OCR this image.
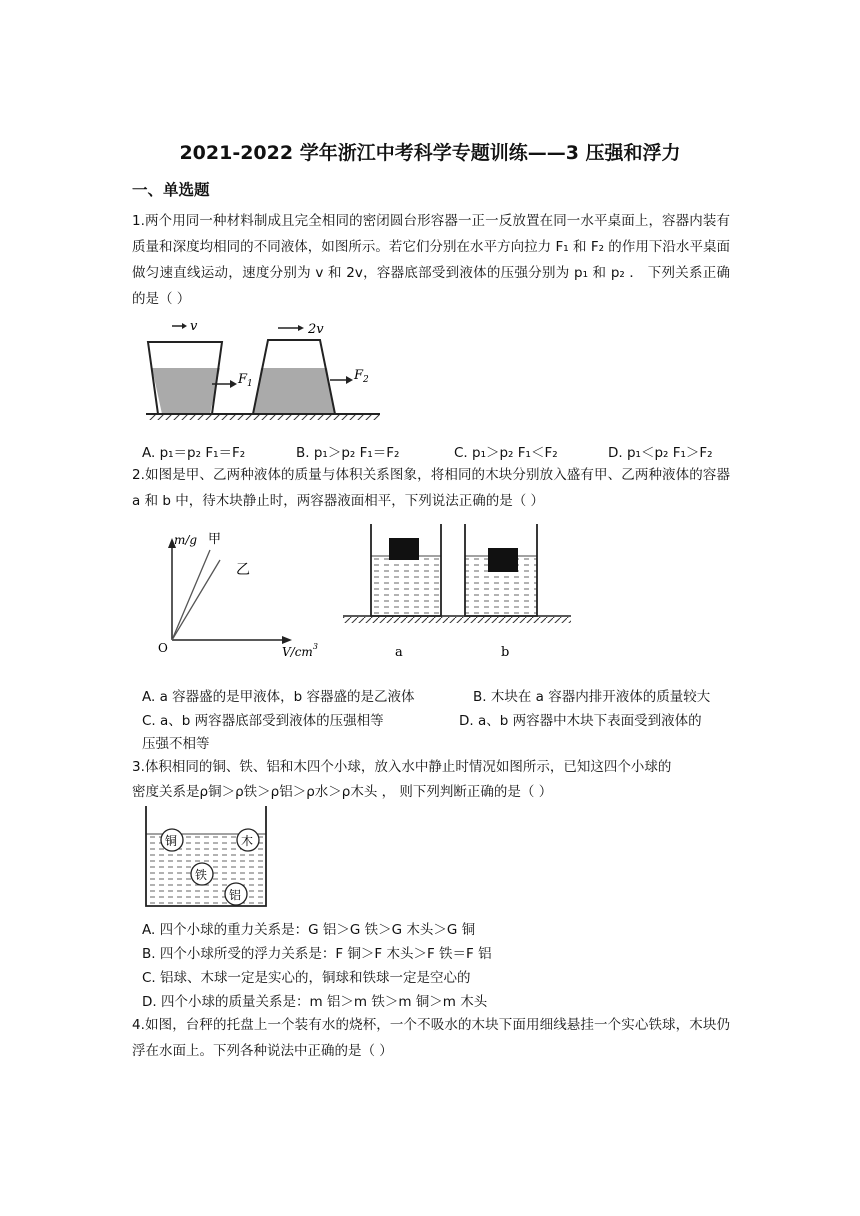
2021-2022 学年浙江中考科学专题训练——3 压强和浮力
一、单选题
1.两个用同一种材料制成且完全相同的密闭圆台形容器一正一反放置在同一水平桌面上，容器内装有质量和深度均相同的不同液体，如图所示。若它们分别在水平方向拉力 F₁ 和 F₂ 的作用下沿水平桌面做匀速直线运动，速度分别为 v 和 2v，容器底部受到液体的压强分别为 p₁ 和 p₂ ． 下列关系正确的是（ ）
v	2v
$F_1$
$F_2$
A. p₁＝p₂ F₁＝F₂	B. p₁＞p₂ F₁＝F₂	C. p₁＞p₂ F₁＜F₂	D. p₁＜p₂ F₁＞F₂
2.如图是甲、乙两种液体的质量与体积关系图象，将相同的木块分别放入盛有甲、乙两种液体的容器 a 和 b 中，待木块静止时，两容器液面相平，下列说法正确的是（ ）
m/g 甲
乙
O	$V/cm^3$	a	b
A. a 容器盛的是甲液体，b 容器盛的是乙液体	B. 木块在 a 容器内排开液体的质量较大
C. a、b 两容器底部受到液体的压强相等	D. a、b 两容器中木块下表面受到液体的
压强不相等
3.体积相同的铜、铁、铝和木四个小球，放入水中静止时情况如图所示，已知这四个小球的
密度关系是ρ铜＞ρ铁＞ρ铝＞ρ水＞ρ木头 ， 则下列判断正确的是（ ）
铜	木
铁
铝
A. 四个小球的重力关系是：G 铝＞G 铁＞G 木头＞G 铜
B. 四个小球所受的浮力关系是：F 铜＞F 木头＞F 铁＝F 铝
C. 铝球、木球一定是实心的，铜球和铁球一定是空心的
D. 四个小球的质量关系是：m 铝＞m 铁＞m 铜＞m 木头
4.如图，台秤的托盘上一个装有水的烧杯，一个不吸水的木块下面用细线悬挂一个实心铁球，木块仍浮在水面上。下列各种说法中正确的是（ ）
